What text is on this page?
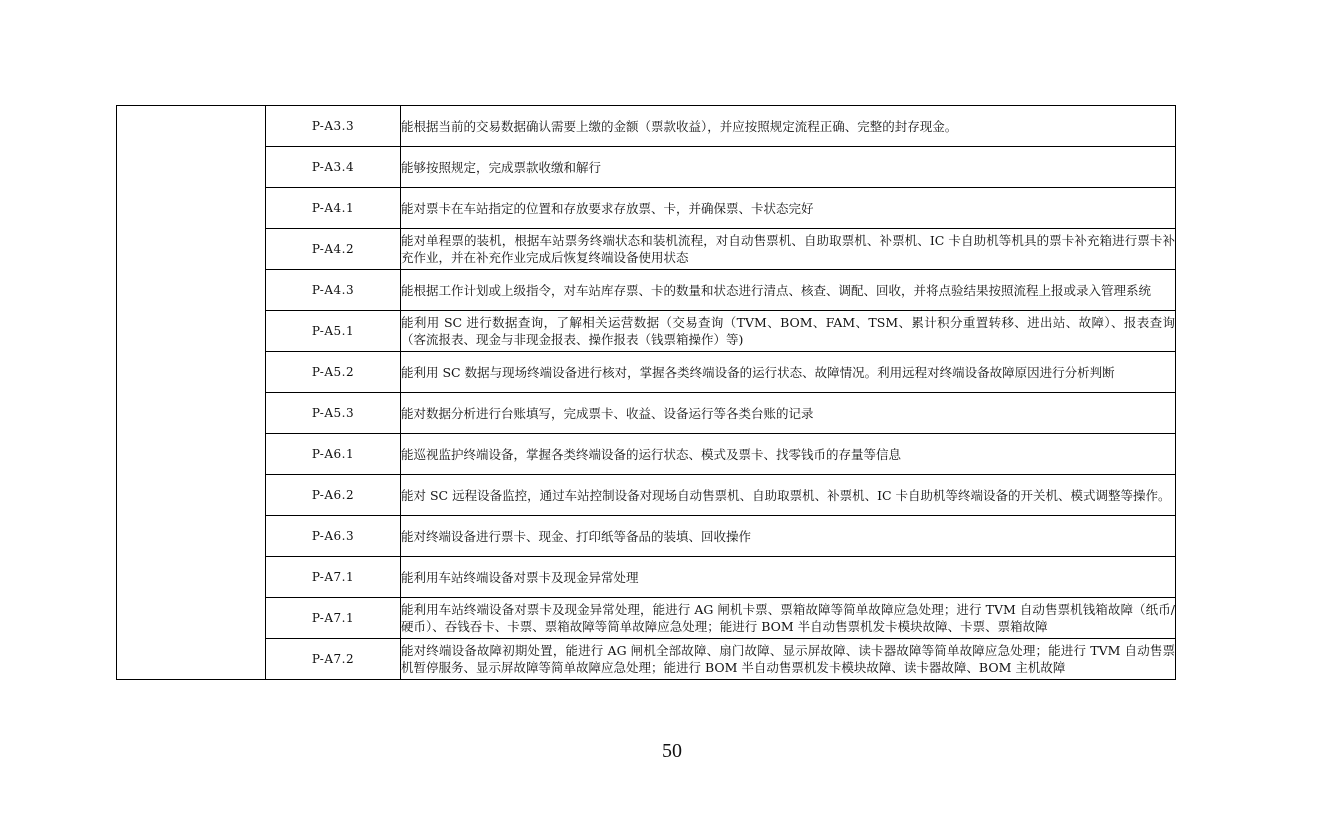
	P-A3.3	能根据当前的交易数据确认需要上缴的金额（票款收益），并应按照规定流程正确、完整的封存现金。

	P-A3.4	能够按照规定，完成票款收缴和解行

	P-A4.1	能对票卡在车站指定的位置和存放要求存放票、卡，并确保票、卡状态完好

	P-A4.2	能对单程票的装机，根据车站票务终端状态和装机流程，对自动售票机、自助取票机、补票机、IC 卡自助机等机具的票卡补充箱进行票卡补充作业，并在补充作业完成后恢复终端设备使用状态

	P-A4.3	能根据工作计划或上级指令，对车站库存票、卡的数量和状态进行清点、核查、调配、回收，并将点验结果按照流程上报或录入管理系统

	P-A5.1	能利用 SC 进行数据查询，了解相关运营数据（交易查询（TVM、BOM、FAM、TSM、累计积分重置转移、进出站、故障）、报表查询（客流报表、现金与非现金报表、操作报表（钱票箱操作）等)

	P-A5.2	能利用 SC 数据与现场终端设备进行核对，掌握各类终端设备的运行状态、故障情况。利用远程对终端设备故障原因进行分析判断

	P-A5.3	能对数据分析进行台账填写，完成票卡、收益、设备运行等各类台账的记录

	P-A6.1	能巡视监护终端设备，掌握各类终端设备的运行状态、模式及票卡、找零钱币的存量等信息

	P-A6.2	能对 SC 远程设备监控，通过车站控制设备对现场自动售票机、自助取票机、补票机、IC 卡自助机等终端设备的开关机、模式调整等操作。

	P-A6.3	能对终端设备进行票卡、现金、打印纸等备品的装填、回收操作

	P-A7.1	能利用车站终端设备对票卡及现金异常处理

	P-A7.1	能利用车站终端设备对票卡及现金异常处理，能进行 AG 闸机卡票、票箱故障等简单故障应急处理；进行 TVM 自动售票机钱箱故障（纸币/硬币）、吞钱吞卡、卡票、票箱故障等简单故障应急处理；能进行 BOM 半自动售票机发卡模块故障、卡票、票箱故障

	P-A7.2	能对终端设备故障初期处置，能进行 AG 闸机全部故障、扇门故障、显示屏故障、读卡器故障等简单故障应急处理；能进行 TVM 自动售票机暂停服务、显示屏故障等简单故障应急处理；能进行 BOM 半自动售票机发卡模块故障、读卡器故障、BOM 主机故障
50
